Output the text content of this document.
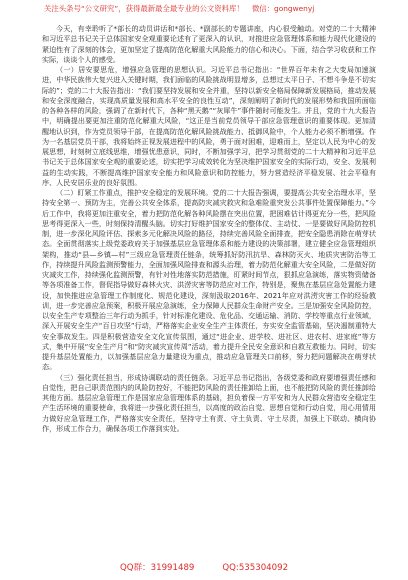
关注头条号“公文研究”，获得最新最全最专业的公文资料库！ 微信：gongwenyj

今天，有幸聆听了*部长的动员讲话和*部长、*副部长的专题讲座，内心很受触动。对党的二十大精神和习近平总书记关于总体国家安全观重要论述有了更深入的认识，对推进应急管理体系和能力现代化建设的紧迫性有了深刻的体会，更加坚定了提高防范化解重大风险能力的信心和决心。下面，结合学习收获和工作实际，谈谈个人的感受。

（一）居安要思危，增强应急管理的思想认识。习近平总书记指出：“世界百年未有之大变局加速演进，中华民族伟大复兴进入关键时期，我们面临的风险挑战明显增多，总想过太平日子、不想斗争是不切实际的”；党的二十大报告指出：“我们要坚持发展和安全并重，坚持以新安全格局保障新发展格局，推动发展和安全深度融合，实现高质量发展和高水平安全的良性互动”，深刻阐明了新时代的发展形势和我国所面临的各种各样的风险，强调了在新时代下，各种“黑天鹅”“灰犀牛”事件随时可能发生。并且，党的十九大报告中，明确提出要更加注重防范化解重大风险，“这正是当前党员领导干部应急管理意识的重要体现。更加清醒地认识到，作为党员领导干部，在提高防范化解风险挑战能力、抵御风险中，个人能力必须不断增强。作为一名基层党员干部，我将始终正视发展进程中的风险，勇于面对困难，迎难而上，坚定以人民为中心的发展思想，时刻树立底线思维，增强忧患意识，同时，不断加强学习，把学习贯彻党的二十大精神和习近平总书记关于总体国家安全观的重要论述，切实把学习成效转化为坚决维护国家安全的实际行动，安全、发展利益的生动实践，不断提高维护国家安全能力和风险意识和防控能力，努力营造经济平稳发展、社会平稳有序、人民安居乐业的良好氛围。

（二）盯紧工作重点，推护安全稳定的发展环境。党的二十大报告强调，要提高公共安全治理水平，坚持安全第一、预防为主，完善公共安全体系，提高防灾减灾救灾和急难险重突发公共事件处置保障能力。”今后工作中，我将更加注重安全，着力把防范化解各种风险摆在突出位置，把困难估计得更充分一些，把风险思考得更深入一些，时刻保持清醒头脑。切实打好维护国家安全的整体仗、主动仗、一是要做好风险防控机制，进一步深化风险评估、探索多元化解决风险的路径，持续完善风险全面排查，把安全隐患消除在萌芽状态。全面贯彻落实上级党委政府关于加强基层应急管理体系和能力建设的决策部署，建立健全应急管理组织架构，推动“县—乡镇—村”三级应急管理责任链条，统筹抓好防汛抗旱、森林防灭火、地质灾害防治等工作，持续提升风险监测预警能力，全面加强风险排查和源头治理，着力防范化解重大安全风险，二是做好防灾减灾工作，持续强化监测预警，有针对性地落实防范措施，盯紧时间节点，狠抓应急演练，落实物资储备等各项准备工作，督促指导做好森林火灾、洪涝灾害等防范应对工作，特别是，聚焦在基层应急处置能力建设，加快推进应急管理工作制度化、规范化建设，深刻汲取2016年、2021年应对洪涝灾害工作的经验教训，进一步完善应急预案，积极开展应急演练，全力保障人民群众生命财产安全。三是加强安全风险防控，以安全生产专项整治三年行动为抓手，针对标准化建设、危化品、交通运输、消防、学校等重点行业领域，深入开展安全生产“百日攻坚”行动，严格落实企业安全生产主体责任，夯实安全监管基础，坚决遏制重特大安全事故发生。四是积极营造安全文化宣传氛围，通过“进企业、进学校、进社区、进农村、进家庭”等方式，集中开展“安全生产月”和“防灾减灾宣传周”活动，着力提升全民安全意识和自救互救能力。同时，切实提升基层处置能力，以加强基层应急力量建设为重点，推动应急管理关口前移，努力把问题解决在萌芽状态。

（三）强化责任担当，形成协调联动的责任链条。习近平总书记指出，各级党委和政府要增强责任感和自觉性，把自己职责范围内的风险防控好，不能把防风险的责任推卸给上面，也不能把防风险的责任推卸给其他方面。基层应急管理工作是国家应急管理体系的基础，担负着保一方平安和为人民群众营造安全稳定生产生活环境的重要使命，我将进一步强化责任担当，以高度的政治自觉、思想自觉和行动自觉，用心用情用力做好应急管理工作，严格落实安全责任，坚持守土有责、守土负责、守土尽责，加强上下联动、横向协作，形成工作合力，确保各项工作落到实处。

QQ群：31991489	QQ:535304092
